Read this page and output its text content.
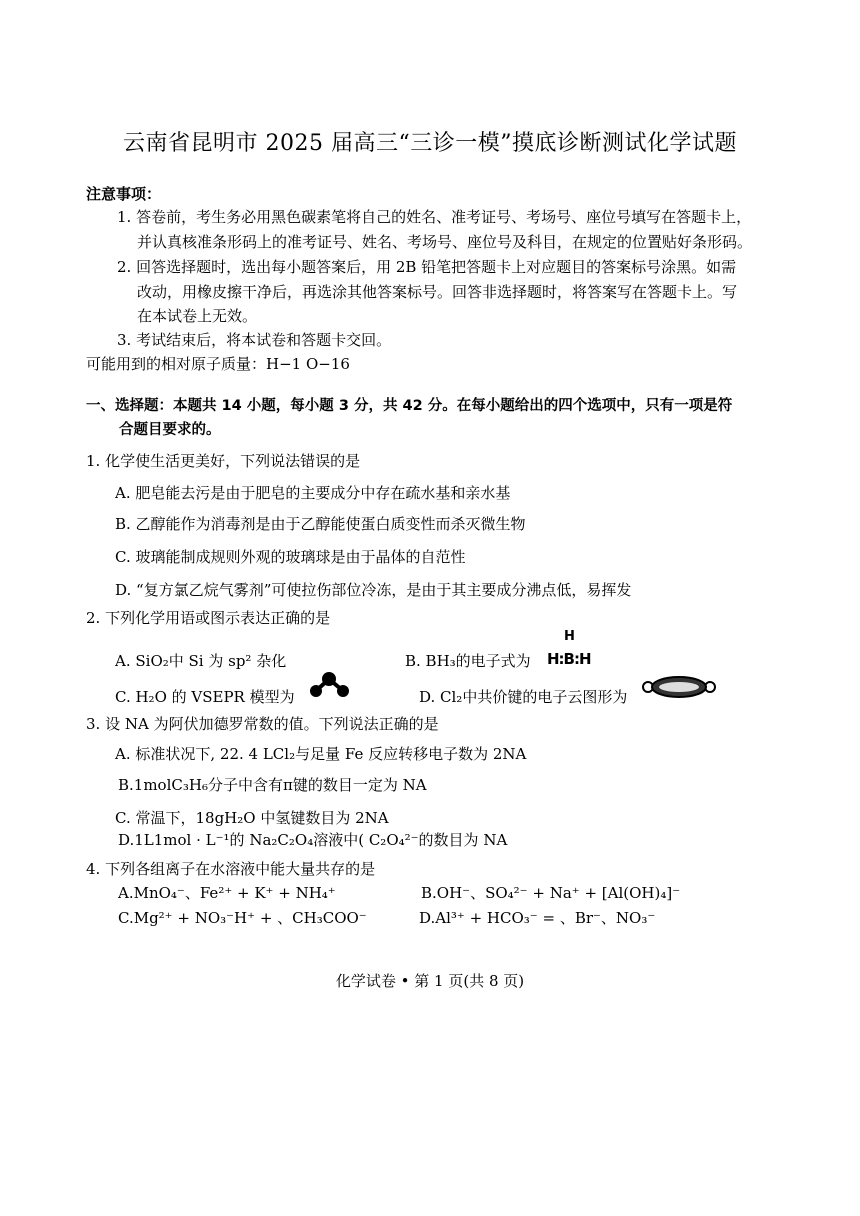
云南省昆明市 2025 届高三“三诊一模”摸底诊断测试化学试题
注意事项：
1. 答卷前，考生务必用黑色碳素笔将自己的姓名、准考证号、考场号、座位号填写在答题卡上，
并认真核准条形码上的准考证号、姓名、考场号、座位号及科目，在规定的位置贴好条形码。
2. 回答选择题时，选出每小题答案后，用 2B 铅笔把答题卡上对应题目的答案标号涂黑。如需
改动，用橡皮擦干净后，再选涂其他答案标号。回答非选择题时，将答案写在答题卡上。写
在本试卷上无效。
3. 考试结束后，将本试卷和答题卡交回。
可能用到的相对原子质量：H−1 O−16
一、选择题：本题共 14 小题，每小题 3 分，共 42 分。在每小题给出的四个选项中，只有一项是符
合题目要求的。
1. 化学使生活更美好，下列说法错误的是
A. 肥皂能去污是由于肥皂的主要成分中存在疏水基和亲水基
B. 乙醇能作为消毒剂是由于乙醇能使蛋白质变性而杀灭微生物
C. 玻璃能制成规则外观的玻璃球是由于晶体的自范性
D. “复方氯乙烷气雾剂”可使拉伤部位冷冻，是由于其主要成分沸点低，易挥发
2. 下列化学用语或图示表达正确的是
A. SiO₂中 Si 为 sp² 杂化	B. BH₃的电子式为
H
H:B:H
C. H₂O 的 VSEPR 模型为	D. Cl₂中共价键的电子云图形为
3. 设 NA 为阿伏加德罗常数的值。下列说法正确的是
A. 标准状况下, 22. 4 LCl₂与足量 Fe 反应转移电子数为 2NA
B.1molC₃H₆分子中含有π键的数目一定为 NA
C. 常温下，18gH₂O 中氢键数目为 2NA
D.1L1mol · L⁻¹的 Na₂C₂O₄溶液中( C₂O₄²⁻的数目为 NA
4. 下列各组离子在水溶液中能大量共存的是
A.MnO₄⁻、Fe²⁺ + K⁺ + NH₄⁺	B.OH⁻、SO₄²⁻ + Na⁺ + [Al(OH)₄]⁻
C.Mg²⁺ + NO₃⁻H⁺ + 、CH₃COO⁻	D.Al³⁺ + HCO₃⁻ = 、Br⁻、NO₃⁻
化学试卷 • 第 1 页(共 8 页)
